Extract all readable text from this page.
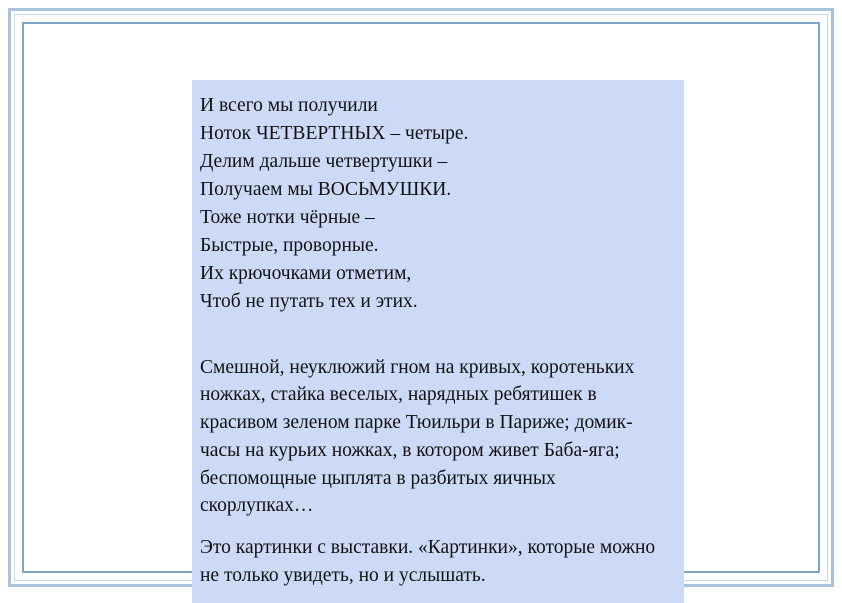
И всего мы получили
Ноток ЧЕТВЕРТНЫХ – четыре.
Делим дальше четвертушки –
Получаем мы ВОСЬМУШКИ.
Тоже нотки чёрные –
Быстрые, проворные.
Их крючочками отметим,
Чтоб не путать тех и этих.

Смешной, неуклюжий гном на кривых, коротеньких ножках, стайка веселых, нарядных ребятишек в красивом зеленом парке Тюильри в Париже; домик-часы на курьих ножках, в котором живет Баба-яга; беспомощные цыплята в разбитых яичных скорлупках…

Это картинки с выставки. «Картинки», которые можно не только увидеть, но и услышать.
